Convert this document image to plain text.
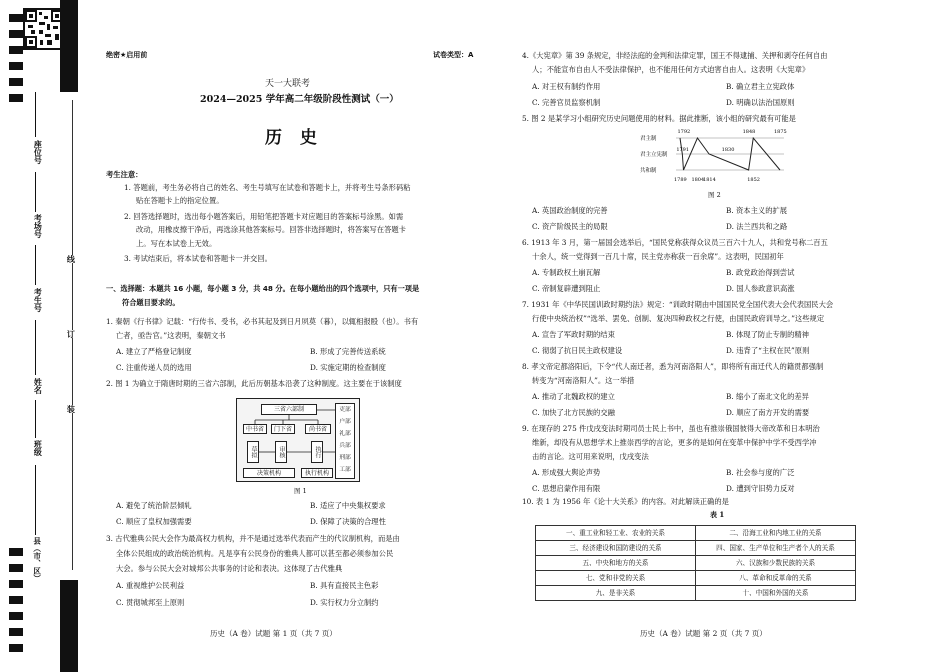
座位号
考场号
考生号
姓名
班级
县（市、区）
线
订
装
绝密★启用前	试卷类型：A
天一大联考
2024—2025 学年高二年级阶段性测试（一）
历 史
考生注意：
1. 答题前，考生务必将自己的姓名、考生号填写在试卷和答题卡上，并将考生号条形码粘
贴在答题卡上的指定位置。
2. 回答选择题时，选出每小题答案后，用铅笔把答题卡对应题目的答案标号涂黑。如需
改动，用橡皮擦干净后，再选涂其他答案标号。回答非选择题时，将答案写在答题卡
上。写在本试卷上无效。
3. 考试结束后，将本试卷和答题卡一并交回。
一、选择题：本题共 16 小题，每小题 3 分，共 48 分。在每小题给出的四个选项中，只有一项是
符合题目要求的。
1. 秦朝《行书律》记载：“行传书、受书，必书其起及到日月夙莫（暮），以辄相报殹（也）。书有
亡者，亟告官。”这表明，秦朝文书
A. 建立了严格登记制度	B. 形成了完善传送系统
C. 注重传递人员的选用	D. 实施定期的检查制度
2. 图 1 为确立于隋唐时期的三省六部制，此后历朝基本沿袭了这种制度。这主要在于该制度
三省六部制
中书省	门下省	尚书省
吏部
户部
礼部
兵部
刑部
工部
草拟	审核	执行
决策机构	执行机构
图 1
A. 避免了统治阶层倾轧	B. 适应了中央集权要求
C. 顺应了皇权加强需要	D. 保障了决策的合理性
3. 古代雅典公民大会作为最高权力机构，并不是通过选举代表而产生的代议制机构，而是由
全体公民组成的政治统治机构。凡是享有公民身份的雅典人都可以甚至都必须参加公民
大会。参与公民大会对城邦公共事务的讨论和表决。这体现了古代雅典
A. 重视维护公民利益	B. 具有直接民主色彩
C. 贯彻城邦至上原则	D. 实行权力分立制约
历史（A 卷）试题 第 1 页（共 7 页）
4.《大宪章》第 39 条规定，非经法庭的金判和法律定罪，国王不得逮捕、关押和剥夺任何自由
人；不能宣布自由人不受法律保护，也不能用任何方式迫害自由人。这表明《大宪章》
A. 对王权有制约作用	B. 确立君主立宪政体
C. 完善官员监察机制	D. 明确以法治国原则
5. 图 2 是某学习小组研究历史问题使用的材料。据此推断，该小组的研究最有可能是
君主制
君主立宪制
共和制
1792	1848	1875
1791	1830
1789 1804
1814	1852
图 2
A. 英国政治制度的完善	B. 资本主义的扩展
C. 资产阶级民主的局限	D. 法兰西共和之路
6. 1913 年 3 月，第一届国会选举后，“国民党称获得众议员三百六十九人，共和党号称二百五
十余人，统一党得到一百几十席，民主党亦称获一百余席”。这表明，民国初年
A. 专制政权土崩瓦解	B. 政党政治得到尝试
C. 帝制复辟遭到阻止	D. 国人参政意识高涨
7. 1931 年《中华民国训政时期约法》规定：“训政时期由中国国民党全国代表大会代表国民大会
行使中央统治权”“选举、罢免、创制、复决四种政权之行使，由国民政府训导之。”这些规定
A. 宣告了军政时期的结束	B. 体现了防止专制的精神
C. 彻弱了抗日民主政权建设	D. 违背了“主权在民”原则
8. 孝文帝定都洛阳后，下令“代人南迁者，悉为河南洛阳人”，即将所有南迁代人的籍贯都强制
转变为“河南洛阳人”。这一举措
A. 推动了北魏政权的建立	B. 缩小了南北文化的差异
C. 加快了北方民族的交融	D. 顺应了南方开发的需要
9. 在现存的 275 件戊戌变法时期司员士民上书中，虽也有推崇俄国彼得大帝改革和日本明治
维新，却没有从思想学术上推崇西学的言论，更多的是如何在变革中保护中学不受西学冲
击的言论。这可用来说明，戊戌变法
A. 形成强大舆论声势	B. 社会参与度的广泛
C. 思想启蒙作用有限	D. 遭到守旧势力反对
10. 表 1 为 1956 年《论十大关系》的内容。对此解读正确的是
表 1
一、重工业和轻工业、农业的关系	二、沿海工业和内地工业的关系
三、经济建设和国防建设的关系	四、国家、生产单位和生产者个人的关系
五、中央和地方的关系	六、汉族和少数民族的关系
七、党和非党的关系	八、革命和反革命的关系
九、是非关系	十、中国和外国的关系
历史（A 卷）试题 第 2 页（共 7 页）
